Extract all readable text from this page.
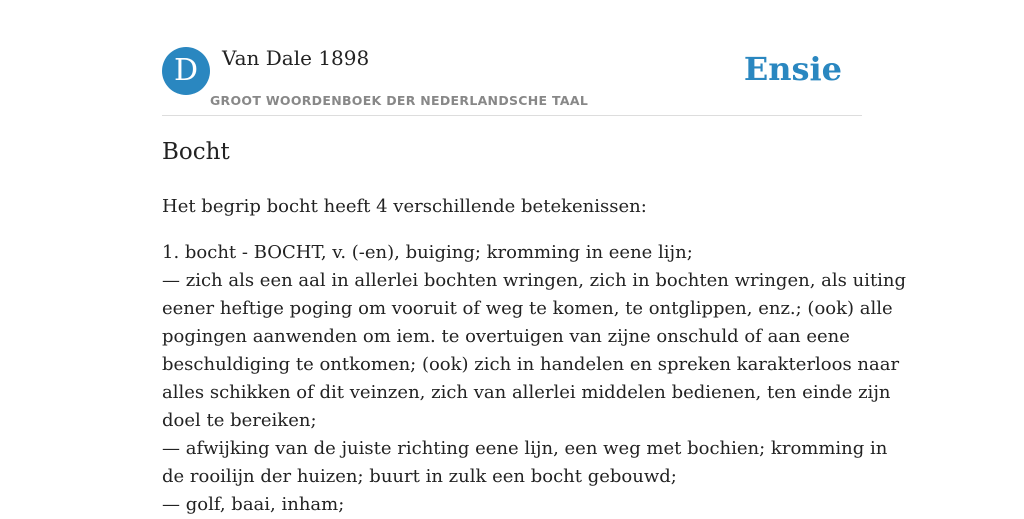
D	Van Dale 1898
GROOT WOORDENBOEK DER NEDERLANDSCHE TAAL
Ensie
Bocht

Het begrip bocht heeft 4 verschillende betekenissen:

1. bocht - BOCHT, v. (-en), buiging; kromming in eene lijn;
— zich als een aal in allerlei bochten wringen, zich in bochten wringen, als uiting
eener heftige poging om vooruit of weg te komen, te ontglippen, enz.; (ook) alle
pogingen aanwenden om iem. te overtuigen van zijne onschuld of aan eene
beschuldiging te ontkomen; (ook) zich in handelen en spreken karakterloos naar
alles schikken of dit veinzen, zich van allerlei middelen bedienen, ten einde zijn
doel te bereiken;
— afwijking van de juiste richting eene lijn, een weg met bochien; kromming in
de rooilijn der huizen; buurt in zulk een bocht gebouwd;
— golf, baai, inham;
